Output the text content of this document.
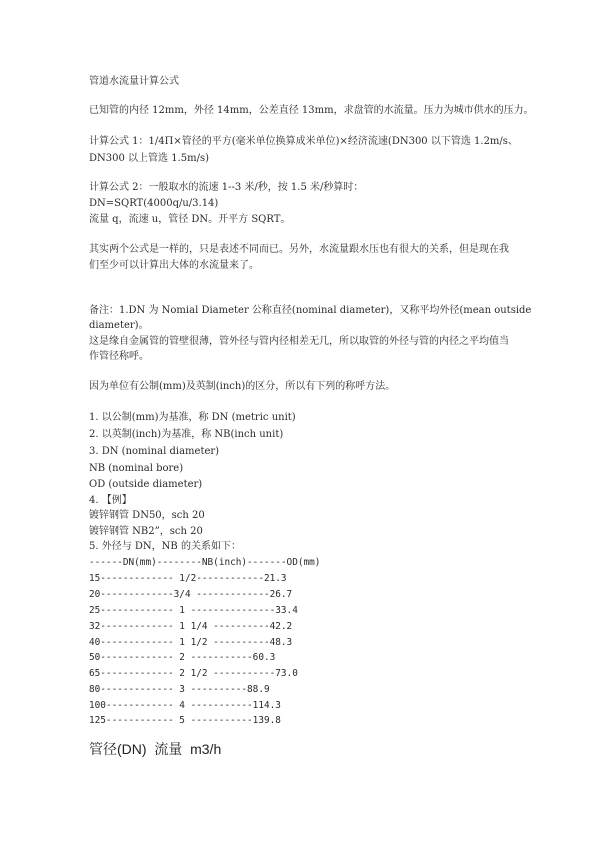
管道水流量计算公式
已知管的内径 12mm，外径 14mm，公差直径 13mm，求盘管的水流量。压力为城市供水的压力。
计算公式 1：1/4Π×管径的平方(毫米单位换算成米单位)×经济流速(DN300 以下管选 1.2m/s、
DN300 以上管选 1.5m/s)
计算公式 2：一般取水的流速 1--3 米/秒，按 1.5 米/秒算时：
DN=SQRT(4000q/u/3.14)
流量 q，流速 u，管径 DN。开平方 SQRT。
其实两个公式是一样的，只是表述不同而已。另外，水流量跟水压也有很大的关系，但是现在我
们至少可以计算出大体的水流量来了。
备注：1.DN 为 Nomial Diameter 公称直径(nominal diameter)，又称平均外径(mean outside
diameter)。
这是缘自金属管的管壁很薄，管外径与管内径相差无几，所以取管的外径与管的内径之平均值当
作管径称呼。
因为单位有公制(mm)及英制(inch)的区分，所以有下列的称呼方法。
1. 以公制(mm)为基准，称 DN (metric unit)
2. 以英制(inch)为基准，称 NB(inch unit)
3. DN (nominal diameter)
NB (nominal bore)
OD (outside diameter)
4. 【例】
镀锌钢管 DN50，sch 20
镀锌钢管 NB2”，sch 20
5. 外径与 DN，NB 的关系如下：
------DN(mm)--------NB(inch)-------OD(mm)
15------------- 1/2------------21.3
20-------------3/4 -------------26.7
25------------- 1 ---------------33.4
32------------- 1 1/4 ----------42.2
40------------- 1 1/2 ----------48.3
50------------- 2 -----------60.3
65------------- 2 1/2 -----------73.0
80------------- 3 ----------88.9
100------------ 4 -----------114.3
125------------ 5 -----------139.8
管径(DN)  流量  m3/h
